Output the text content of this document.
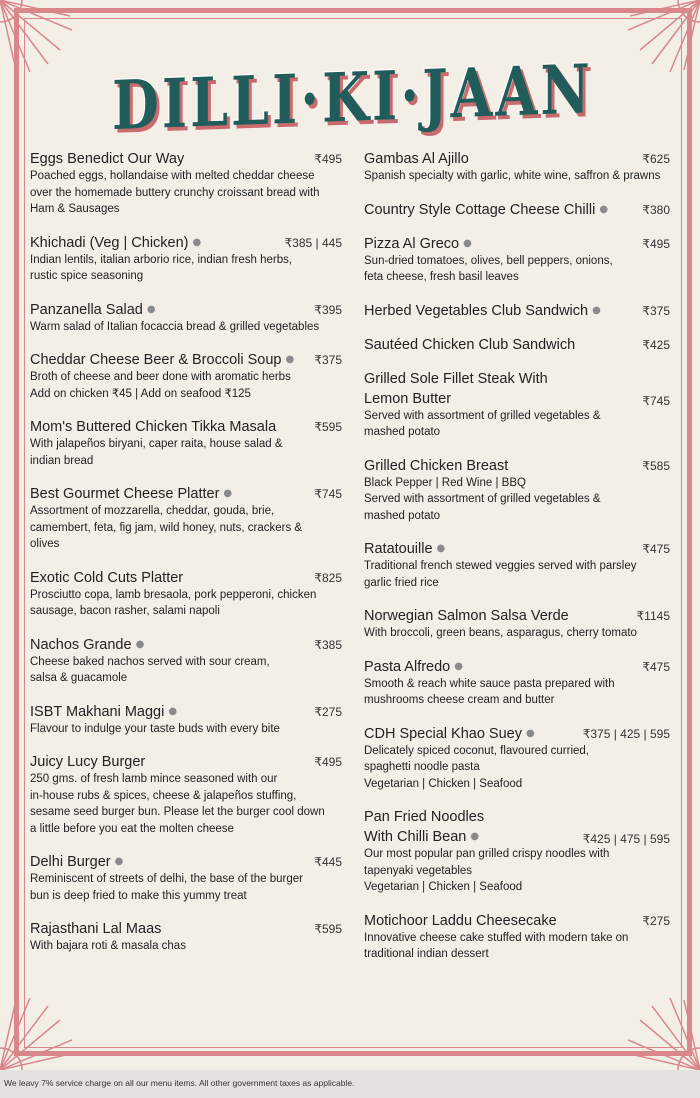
DILLI·KI·JAAN
Eggs Benedict Our Way	₹495
Poached eggs, hollandaise with melted cheddar cheese
over the homemade buttery crunchy croissant bread with
Ham & Sausages
Khichadi (Veg | Chicken) ●	₹385 | 445
Indian lentils, italian arborio rice, indian fresh herbs,
rustic spice seasoning
Panzanella Salad ●	₹395
Warm salad of Italian focaccia bread & grilled vegetables
Cheddar Cheese Beer & Broccoli Soup ●	₹375
Broth of cheese and beer done with aromatic herbs
Add on chicken ₹45 | Add on seafood ₹125
Mom's Buttered Chicken Tikka Masala	₹595
With jalapeños biryani, caper raita, house salad &
indian bread
Best Gourmet Cheese Platter ●	₹745
Assortment of mozzarella, cheddar, gouda, brie,
camembert, feta, fig jam, wild honey, nuts, crackers &
olives
Exotic Cold Cuts Platter	₹825
Prosciutto copa, lamb bresaola, pork pepperoni, chicken
sausage, bacon rasher, salami napoli
Nachos Grande ●	₹385
Cheese baked nachos served with sour cream,
salsa & guacamole
ISBT Makhani Maggi ●	₹275
Flavour to indulge your taste buds with every bite
Juicy Lucy Burger	₹495
250 gms. of fresh lamb mince seasoned with our
in-house rubs & spices, cheese & jalapeños stuffing,
sesame seed burger bun. Please let the burger cool down
a little before you eat the molten cheese
Delhi Burger ●	₹445
Reminiscent of streets of delhi, the base of the burger
bun is deep fried to make this yummy treat
Rajasthani Lal Maas	₹595
With bajara roti & masala chas
Gambas Al Ajillo	₹625
Spanish specialty with garlic, white wine, saffron & prawns
Country Style Cottage Cheese Chilli ●	₹380
Pizza Al Greco ●	₹495
Sun-dried tomatoes, olives, bell peppers, onions,
feta cheese, fresh basil leaves
Herbed Vegetables Club Sandwich ●	₹375
Sautéed Chicken Club Sandwich	₹425
Grilled Sole Fillet Steak With
Lemon Butter	₹745
Served with assortment of grilled vegetables &
mashed potato
Grilled Chicken Breast	₹585
Black Pepper | Red Wine | BBQ
Served with assortment of grilled vegetables &
mashed potato
Ratatouille ●	₹475
Traditional french stewed veggies served with parsley
garlic fried rice
Norwegian Salmon Salsa Verde	₹1145
With broccoli, green beans, asparagus, cherry tomato
Pasta Alfredo ●	₹475
Smooth & reach white sauce pasta prepared with
mushrooms cheese cream and butter
CDH Special Khao Suey ●	₹375 | 425 | 595
Delicately spiced coconut, flavoured curried,
spaghetti noodle pasta
Vegetarian | Chicken | Seafood
Pan Fried Noodles
With Chilli Bean ●	₹425 | 475 | 595
Our most popular pan grilled crispy noodles with
tapenyaki vegetables
Vegetarian | Chicken | Seafood
Motichoor Laddu Cheesecake	₹275
Innovative cheese cake stuffed with modern take on
traditional indian dessert
We leavy 7% service charge on all our menu items. All other government taxes as applicable.
